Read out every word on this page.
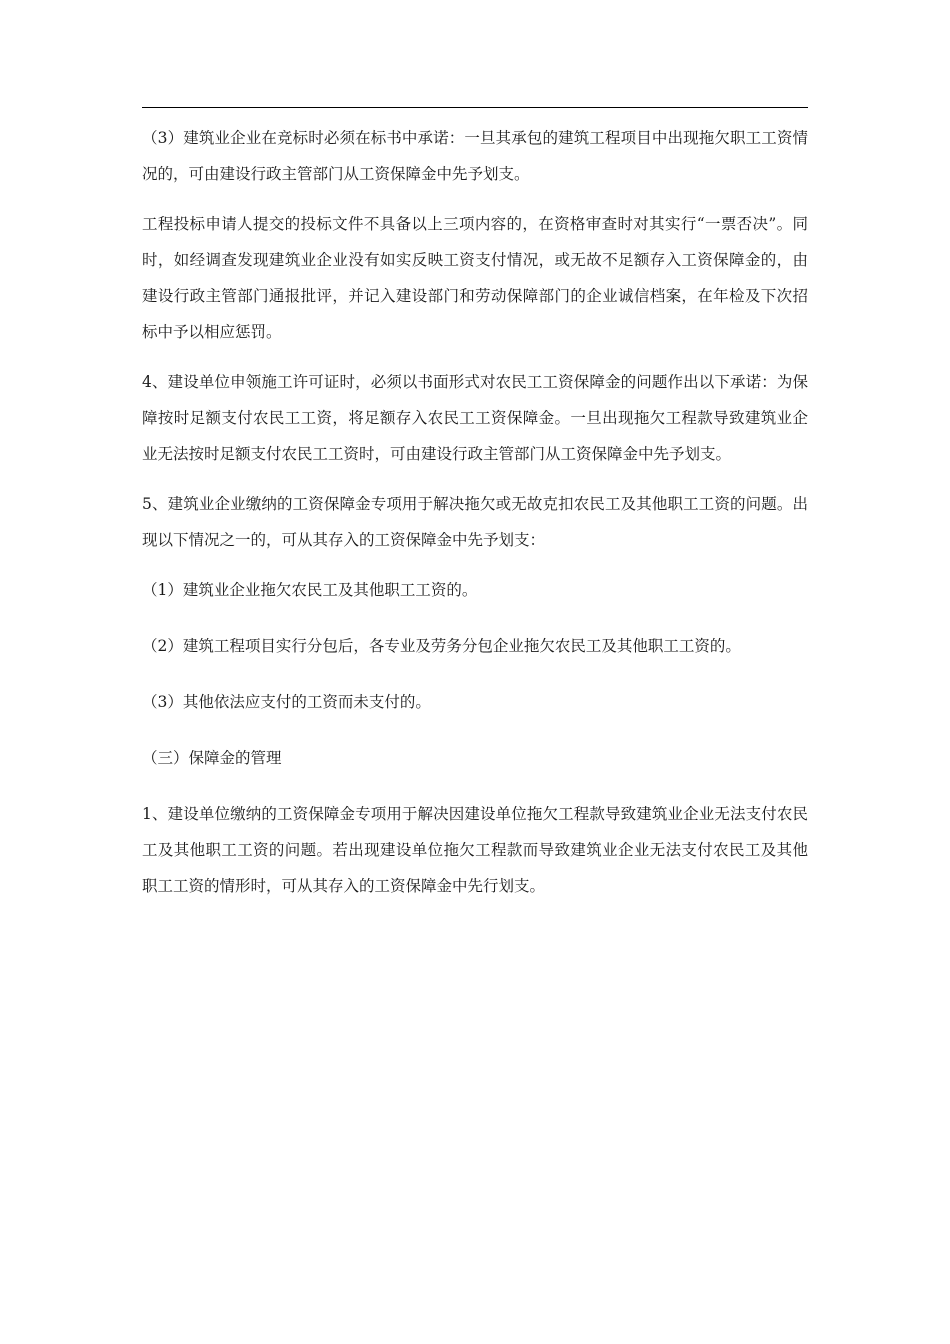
（3）建筑业企业在竞标时必须在标书中承诺：一旦其承包的建筑工程项目中出现拖欠职工工资情况的，可由建设行政主管部门从工资保障金中先予划支。

工程投标申请人提交的投标文件不具备以上三项内容的，在资格审查时对其实行“一票否决”。同时，如经调查发现建筑业企业没有如实反映工资支付情况，或无故不足额存入工资保障金的，由建设行政主管部门通报批评，并记入建设部门和劳动保障部门的企业诚信档案，在年检及下次招标中予以相应惩罚。

4、建设单位申领施工许可证时，必须以书面形式对农民工工资保障金的问题作出以下承诺：为保障按时足额支付农民工工资，将足额存入农民工工资保障金。一旦出现拖欠工程款导致建筑业企业无法按时足额支付农民工工资时，可由建设行政主管部门从工资保障金中先予划支。

5、建筑业企业缴纳的工资保障金专项用于解决拖欠或无故克扣农民工及其他职工工资的问题。出现以下情况之一的，可从其存入的工资保障金中先予划支：

（1）建筑业企业拖欠农民工及其他职工工资的。

（2）建筑工程项目实行分包后，各专业及劳务分包企业拖欠农民工及其他职工工资的。

（3）其他依法应支付的工资而未支付的。

（三）保障金的管理

1、建设单位缴纳的工资保障金专项用于解决因建设单位拖欠工程款导致建筑业企业无法支付农民工及其他职工工资的问题。若出现建设单位拖欠工程款而导致建筑业企业无法支付农民工及其他职工工资的情形时，可从其存入的工资保障金中先行划支。
